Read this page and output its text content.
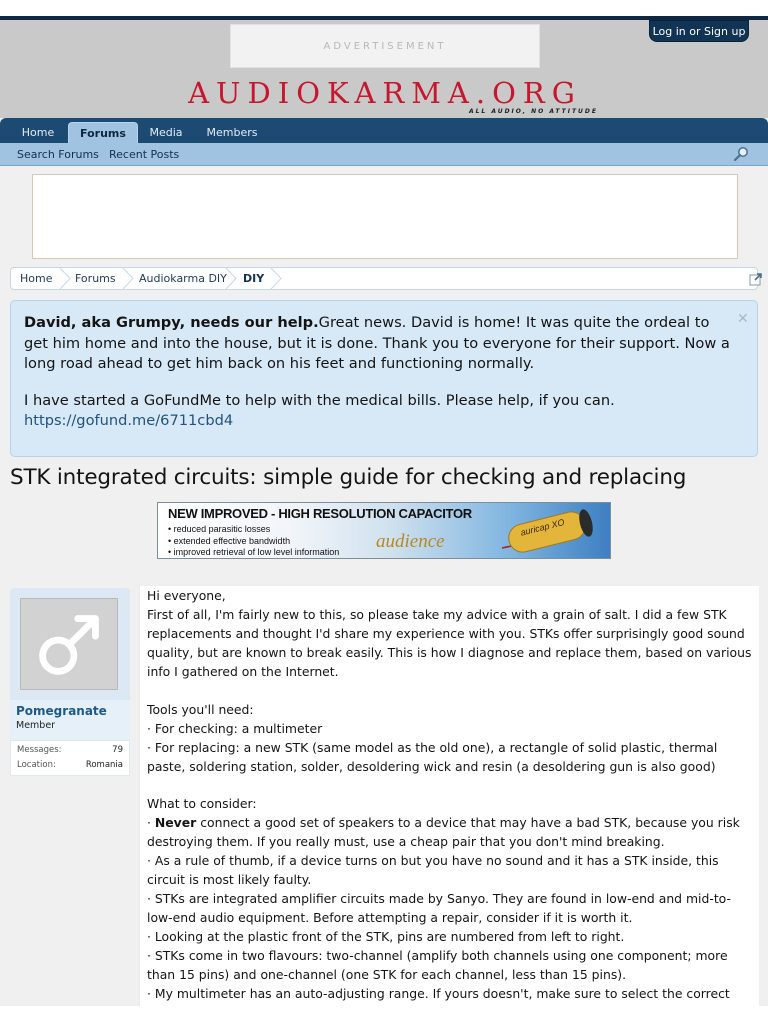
ADVERTISEMENT
AUDIOKARMA.ORG
ALL AUDIO, NO ATTITUDE
Log in or Sign up
Home	Forums	Media	Members
Search Forums Recent Posts
Home Forums Audiokarma DIY DIY
✕
David, aka Grumpy, needs our help.Great news. David is home! It was quite the ordeal to get him home and into the house, but it is done. Thank you to everyone for their support. Now a long road ahead to get him back on his feet and functioning normally.
I have started a GoFundMe to help with the medical bills. Please help, if you can.
https://gofund.me/6711cbd4
STK integrated circuits: simple guide for checking and replacing
NEW IMPROVED - HIGH RESOLUTION CAPACITOR
• reduced parasitic losses
• extended effective bandwidth
• improved retrieval of low level information audience
auricap XO
Pomegranate
Member
Messages:	79
Location:	Romania
Hi everyone,
First of all, I'm fairly new to this, so please take my advice with a grain of salt. I did a few STK replacements and thought I'd share my experience with you. STKs offer surprisingly good sound quality, but are known to break easily. This is how I diagnose and replace them, based on various info I gathered on the Internet.
Tools you'll need:
· For checking: a multimeter
· For replacing: a new STK (same model as the old one), a rectangle of solid plastic, thermal paste, soldering station, solder, desoldering wick and resin (a desoldering gun is also good)
What to consider:
· Never connect a good set of speakers to a device that may have a bad STK, because you risk destroying them. If you really must, use a cheap pair that you don't mind breaking.
· As a rule of thumb, if a device turns on but you have no sound and it has a STK inside, this circuit is most likely faulty.
· STKs are integrated amplifier circuits made by Sanyo. They are found in low-end and mid-to-low-end audio equipment. Before attempting a repair, consider if it is worth it.
· Looking at the plastic front of the STK, pins are numbered from left to right.
· STKs come in two flavours: two-channel (amplify both channels using one component; more than 15 pins) and one-channel (one STK for each channel, less than 15 pins).
· My multimeter has an auto-adjusting range. If yours doesn't, make sure to select the correct
